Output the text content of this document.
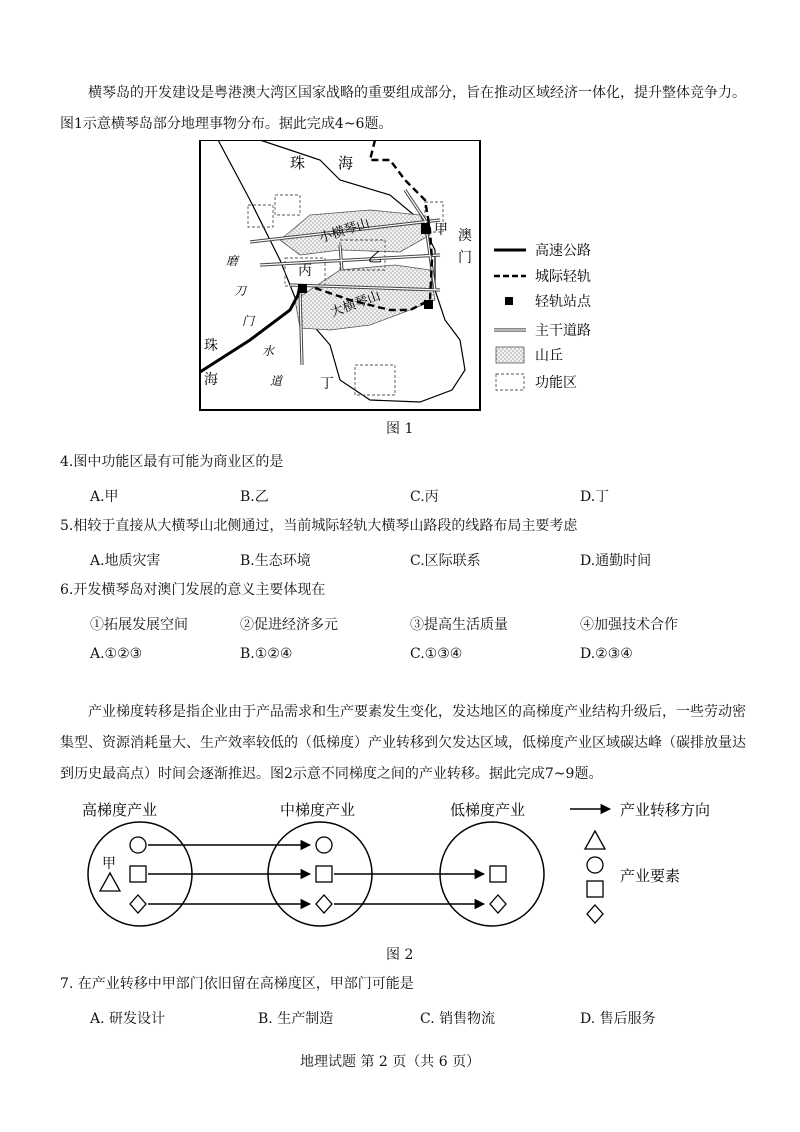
横琴岛的开发建设是粤港澳大湾区国家战略的重要组成部分，旨在推动区域经济一体化，提升整体竞争力。图1示意横琴岛部分地理事物分布。据此完成4~6题。
珠 海
小横琴山
大横琴山
甲
乙
丙
丁
澳
门
磨
刀
门
水
道
珠
海
高速公路
城际轻轨
轻轨站点
主干道路
山丘
功能区
图 1
4.图中功能区最有可能为商业区的是
A.甲	B.乙	C.丙	D.丁
5.相较于直接从大横琴山北侧通过，当前城际轻轨大横琴山路段的线路布局主要考虑
A.地质灾害	B.生态环境	C.区际联系	D.通勤时间
6.开发横琴岛对澳门发展的意义主要体现在
①拓展发展空间	②促进经济多元	③提高生活质量	④加强技术合作
A.①②③	B.①②④	C.①③④	D.②③④
产业梯度转移是指企业由于产品需求和生产要素发生变化，发达地区的高梯度产业结构升级后，一些劳动密集型、资源消耗量大、生产效率较低的（低梯度）产业转移到欠发达区域，低梯度产业区域碳达峰（碳排放量达到历史最高点）时间会逐渐推迟。图2示意不同梯度之间的产业转移。据此完成7~9题。
高梯度产业	中梯度产业	低梯度产业
甲
产业转移方向
产业要素
图 2
7. 在产业转移中甲部门依旧留在高梯度区，甲部门可能是
A. 研发设计	B. 生产制造	C. 销售物流	D. 售后服务
地理试题 第 2 页（共 6 页）
